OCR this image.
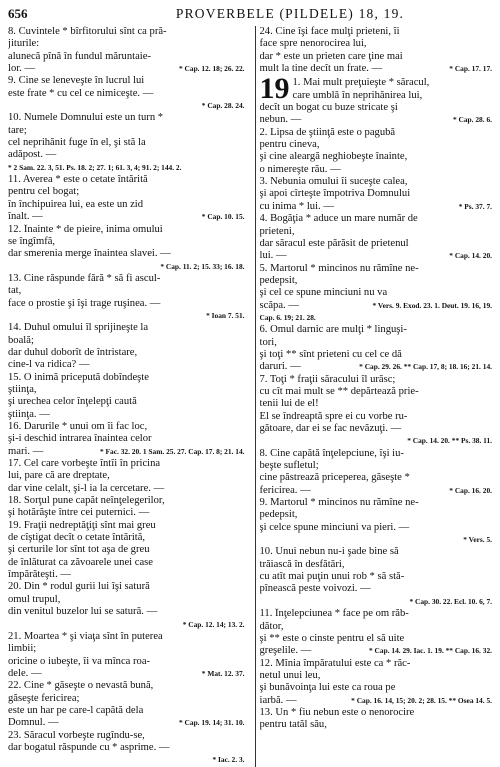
656	PROVERBELE (PILDELE) 18, 19.
8. Cuvintele * bîrfitorului sînt ca pră-
jiturile:
alunecă pînă în fundul măruntaie-
lor. —	* Cap. 12. 18; 26. 22.
9. Cine se leneveşte în lucrul lui
este frate * cu cel ce nimiceşte. —
* Cap. 28. 24.
10. Numele Domnului este un turn *
tare;
cel neprihănit fuge în el, şi stă la
adăpost. —
* 2 Sam. 22. 3, 51. Ps. 18. 2; 27. 1; 61. 3, 4; 91. 2; 144. 2.
11. Averea * este o cetate întărită
pentru cel bogat;
în închipuirea lui, ea este un zid
înalt. —	* Cap. 10. 15.
12. Înainte * de pieire, inima omului
se îngîmfă,
dar smerenia merge înaintea slavei. —
* Cap. 11. 2; 15. 33; 16. 18.
13. Cine răspunde fără * să fi ascul-
tat,
face o prostie şi îşi trage ruşinea. —
* Ioan 7. 51.
14. Duhul omului îl sprijineşte la
boală;
dar duhul doborît de întristare,
cine-l va ridica? —
15. O inimă pricepută dobîndeşte
ştiinţa,
şi urechea celor înţelepţi caută
ştiinţa. —
16. Darurile * unui om îi fac loc,
şi-i deschid intrarea înaintea celor
mari. —	* Fac. 32. 20. 1 Sam. 25. 27. Cap. 17. 8; 21. 14.
17. Cel care vorbeşte întîi în pricina
lui, pare că are dreptate,
dar vine celalt, şi-l ia la cercetare. —
18. Sorţul pune capăt neînţelegerilor,
şi hotărăşte între cei puternici. —
19. Fraţii nedreptăţiţi sînt mai greu
de cîştigat decît o cetate întărită,
şi certurile lor sînt tot aşa de greu
de înlăturat ca zăvoarele unei case
împărăteşti. —
20. Din * rodul gurii lui îşi satură
omul trupul,
din venitul buzelor lui se satură. —
* Cap. 12. 14; 13. 2.
21. Moartea * şi viaţa sînt în puterea
limbii;
oricine o iubeşte, îi va mînca roa-
dele. —	* Mat. 12. 37.
22. Cine * găseşte o nevastă bună,
găseşte fericirea;
este un har pe care-l capătă dela
Domnul. —	* Cap. 19. 14; 31. 10.
23. Săracul vorbeşte rugîndu-se,
dar bogatul răspunde cu * asprime. —
* Iac. 2. 3.
24. Cine îşi face mulţi prieteni, îi
face spre nenorocirea lui,
dar * este un prieten care ţine mai
mult la tine decît un frate. —	* Cap. 17. 17.
19 1. Mai mult preţuieşte * săracul,
care umblă în neprihănirea lui,
decît un bogat cu buze stricate şi
nebun. —	* Cap. 28. 6.
2. Lipsa de ştiinţă este o pagubă
pentru cineva,
şi cine aleargă neghiobeşte înainte,
o nimereşte rău. —
3. Nebunia omului îi suceşte calea,
şi apoi cîrteşte împotriva Domnului
cu inima * lui. —	* Ps. 37. 7.
4. Bogăţia * aduce un mare număr de
prieteni,
dar săracul este părăsit de prietenul
lui. —	* Cap. 14. 20.
5. Martorul * mincinos nu rămîne ne-
pedepsit,
şi cel ce spune minciuni nu va
scăpa. —	* Vers. 9. Exod. 23. 1. Deut. 19. 16, 19.
Cap. 6. 19; 21. 28.
6. Omul darnic are mulţi * linguşi-
tori,
şi toţi ** sînt prieteni cu cel ce dă
daruri. —	* Cap. 29. 26. ** Cap. 17, 8; 18. 16; 21. 14.
7. Toţi * fraţii săracului îl urăsc;
cu cît mai mult se ** depărtează prie-
tenii lui de el!
El se îndreaptă spre ei cu vorbe ru-
gătoare, dar ei se fac nevăzuţi. —
* Cap. 14. 20. ** Ps. 38. 11.
8. Cine capătă înţelepciune, îşi iu-
beşte sufletul;
cine păstrează priceperea, găseşte *
fericirea. —	* Cap. 16. 20.
9. Martorul * mincinos nu rămîne ne-
pedepsit,
şi celce spune minciuni va pieri. —
* Vers. 5.
10. Unui nebun nu-i şade bine să
trăiască în desfătări,
cu atît mai puţin unui rob * să stă-
pînească peste voivozi. —
* Cap. 30. 22. Ecl. 10. 6, 7.
11. Înţelepciunea * face pe om răb-
dător,
şi ** este o cinste pentru el să uite
greşelile. —	* Cap. 14. 29. Iac. 1. 19. ** Cap. 16. 32.
12. Mînia împăratului este ca * răc-
netul unui leu,
şi bunăvoinţa lui este ca roua pe
iarbă. —	* Cap. 16. 14, 15; 20. 2; 28. 15. ** Osea 14. 5.
13. Un * fiu nebun este o nenorocire
pentru tatăl său,
